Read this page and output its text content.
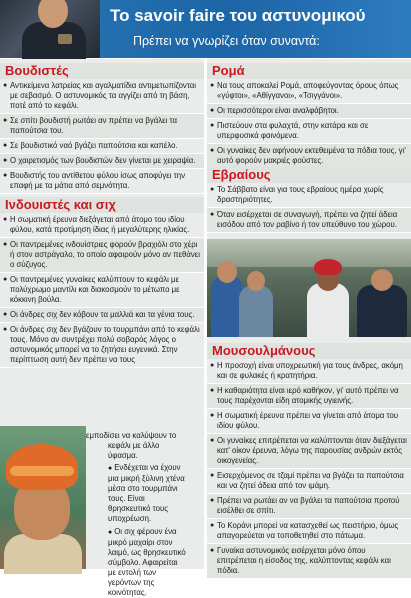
Το savoir faire του αστυνομικού
Πρέπει να γνωρίζει όταν συναντά:
Βουδιστές

● Αντικείμενα λατρείας και αγαλματίδια αντιμετωπίζονται με σεβασμό. Ο αστυνομικός τα αγγίζει από τη βάση, ποτέ από το κεφάλι.

● Σε σπίτι βουδιστή ρωτάει αν πρέπει να βγάλει τα παπούτσια του.

● Σε βουδιστικό ναό βγάζει παπούτσια και καπέλο.

● Ο χαιρετισμός των βουδιστών δεν γίνεται με χειραψία.

● Βουδιστής του αντίθετου φύλου ίσως αποφύγει την επαφή με τα μάτια από σεμνότητα.

Ινδουιστές και σιχ

● Η σωματική έρευνα διεξάγεται από άτομο του ιδίου φύλου, κατά προτίμηση ίδιας ή μεγαλύτερης ηλικίας.

● Οι παντρεμένες ινδουίστριες φορούν βραχιόλι στο χέρι ή στον αστράγαλο, το οποίο αφαιρούν μόνο αν πεθάνει ο σύζυγος.

● Οι παντρεμένες γυναίκες καλύπτουν το κεφάλι με πολύχρωμο μαντίλι και διακοσμούν το μέτωπο με κόκκινη βούλα.

● Οι άνδρες σιχ δεν κόβουν τα μαλλιά και τα γένια τους.

● Οι άνδρες σιχ δεν βγάζουν το τουρμπάνι από το κεφάλι τους. Μόνο αν συντρέχει πολύ σοβαρός λόγος ο αστυνομικός μπορεί να το ζητήσει ευγενικά. Στην περίπτωση αυτή δεν πρέπει να τους

εμποδίσει να καλύψουν το
κεφάλι με άλλο
ύφασμα.
● Ενδέχεται να έχουν
μια μικρή ξύλινη χτένα
μέσα στο τουρμπάνι
τους. Είναι
θρησκευτικό τους
υποχρέωση.
● Οι σιχ φέρουν ένα
μικρό μαχαίρι στον
λαιμό, ως θρησκευτικό
σύμβολο. Αφαιρείται
με εντολή των
γερόντων της
κοινότητας.
Ρομά

● Να τους αποκαλεί Ρομά, αποφεύγοντας όρους όπως «γύφτοι», «Αθίγγανοι», «Τσιγγάνοι».

● Οι περισσότεροι είναι αναλφάβητοι.

● Πιστεύουν στα φυλαχτά, στην κατάρα και σε υπερφυσικά φαινόμενα.

● Οι γυναίκες δεν αφήνουν εκτεθειμένα τα πόδια τους, γι' αυτό φορούν μακριές φούστες.

Εβραίους

● Το Σάββατο είναι για τους εβραίους ημέρα χωρίς δραστηριότητες.

● Όταν εισέρχεται σε συναγωγή, πρέπει να ζητεί άδεια εισόδου από τον ραβίνο ή τον υπεύθυνο του χώρου.

Μουσουλμάνους

● Η προσοχή είναι υποχρεωτική για τους άνδρες, ακόμη και σε φυλακές ή κρατητήρια.

● Η καθαριότητα είναι ιερό καθήκον, γι' αυτό πρέπει να τους παρέχονται είδη ατομικής υγιεινής.

● Η σωματική έρευνα πρέπει να γίνεται από άτομα του ιδίου φύλου.

● Οι γυναίκες επιτρέπεται να καλύπτονται όταν διεξάγεται κατ' οίκον έρευνα, λόγω της παρουσίας ανδρών εκτός οικογενείας.

● Εισερχόμενος σε τζαμί πρέπει να βγάζει τα παπούτσια και να ζητεί άδεια από τον ιμάμη.

● Πρέπει να ρωτάει αν να βγάλει τα παπούτσια προτού εισέλθει σε σπίτι.

● Το Κοράνι μπορεί να κατασχεθεί ως πειστήριο, όμως απαγορεύεται να τοποθετηθεί στο πάτωμα.

● Γυναίκα αστυνομικός εισέρχεται μόνο όπου επιτρέπεται η είσοδος της, καλύπτοντας κεφάλι και πόδια.
